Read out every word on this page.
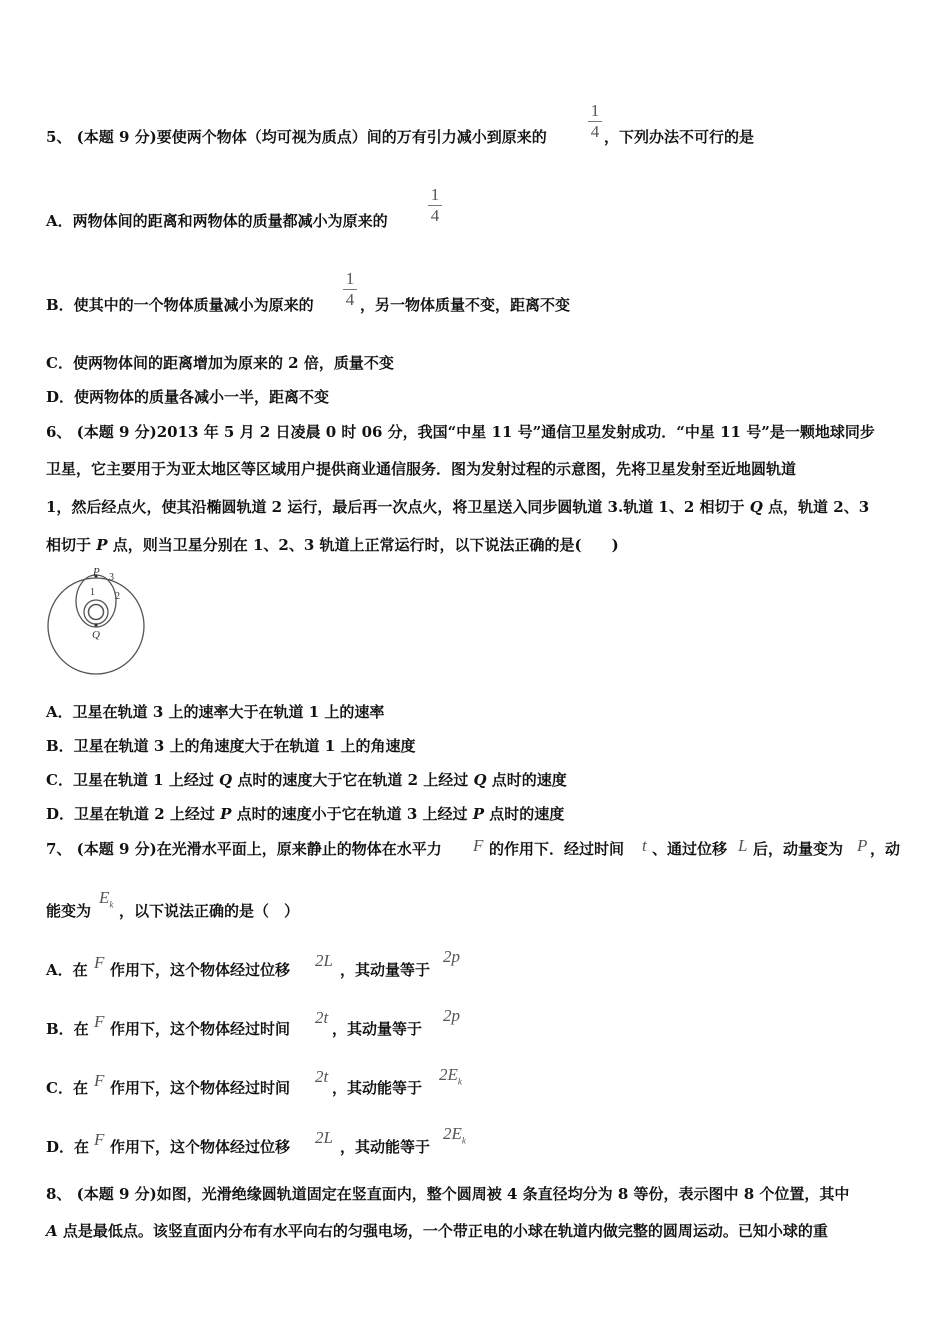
5、 (本题 9 分)要使两个物体（均可视为质点）间的万有引力减小到原来的
1
4 ，下列办法不可行的是
A．两物体间的距离和两物体的质量都减小为原来的
1
4
B．使其中的一个物体质量减小为原来的
1
4 ，另一物体质量不变，距离不变
C．使两物体间的距离增加为原来的 2 倍，质量不变
D．使两物体的质量各减小一半，距离不变
6、 (本题 9 分)2013 年 5 月 2 日凌晨 0 时 06 分，我国“中星 11 号”通信卫星发射成功．“中星 11 号”是一颗地球同步
卫星，它主要用于为亚太地区等区域用户提供商业通信服务．图为发射过程的示意图，先将卫星发射至近地圆轨道
1，然后经点火，使其沿椭圆轨道 2 运行，最后再一次点火，将卫星送入同步圆轨道 3.轨道 1、2 相切于 Q 点，轨道 2、3
相切于 P 点，则当卫星分别在 1、2、3 轨道上正常运行时，以下说法正确的是(　　)
P
Q
1 2
3
A．卫星在轨道 3 上的速率大于在轨道 1 上的速率
B．卫星在轨道 3 上的角速度大于在轨道 1 上的角速度
C．卫星在轨道 1 上经过 Q 点时的速度大于它在轨道 2 上经过 Q 点时的速度
D．卫星在轨道 2 上经过 P 点时的速度小于它在轨道 3 上经过 P 点时的速度
7、 (本题 9 分)在光滑水平面上，原来静止的物体在水平力 F 的作用下．经过时间 t 、通过位移 L 后，动量变为 P ，动
能变为
$E_k$ ，以下说法正确的是（　）
A．在 F 作用下，这个物体经过位移 2L ，其动量等于
2p
B．在 F 作用下，这个物体经过时间
2t
，其动量等于
2p
C．在 F 作用下，这个物体经过时间
2t
，其动能等于
$2E_k$
D．在 F 作用下，这个物体经过位移 2L ，其动能等于
$2E_k$
8、 (本题 9 分)如图，光滑绝缘圆轨道固定在竖直面内，整个圆周被 4 条直径均分为 8 等份，表示图中 8 个位置，其中
A 点是最低点。该竖直面内分布有水平向右的匀强电场，一个带正电的小球在轨道内做完整的圆周运动。已知小球的重
